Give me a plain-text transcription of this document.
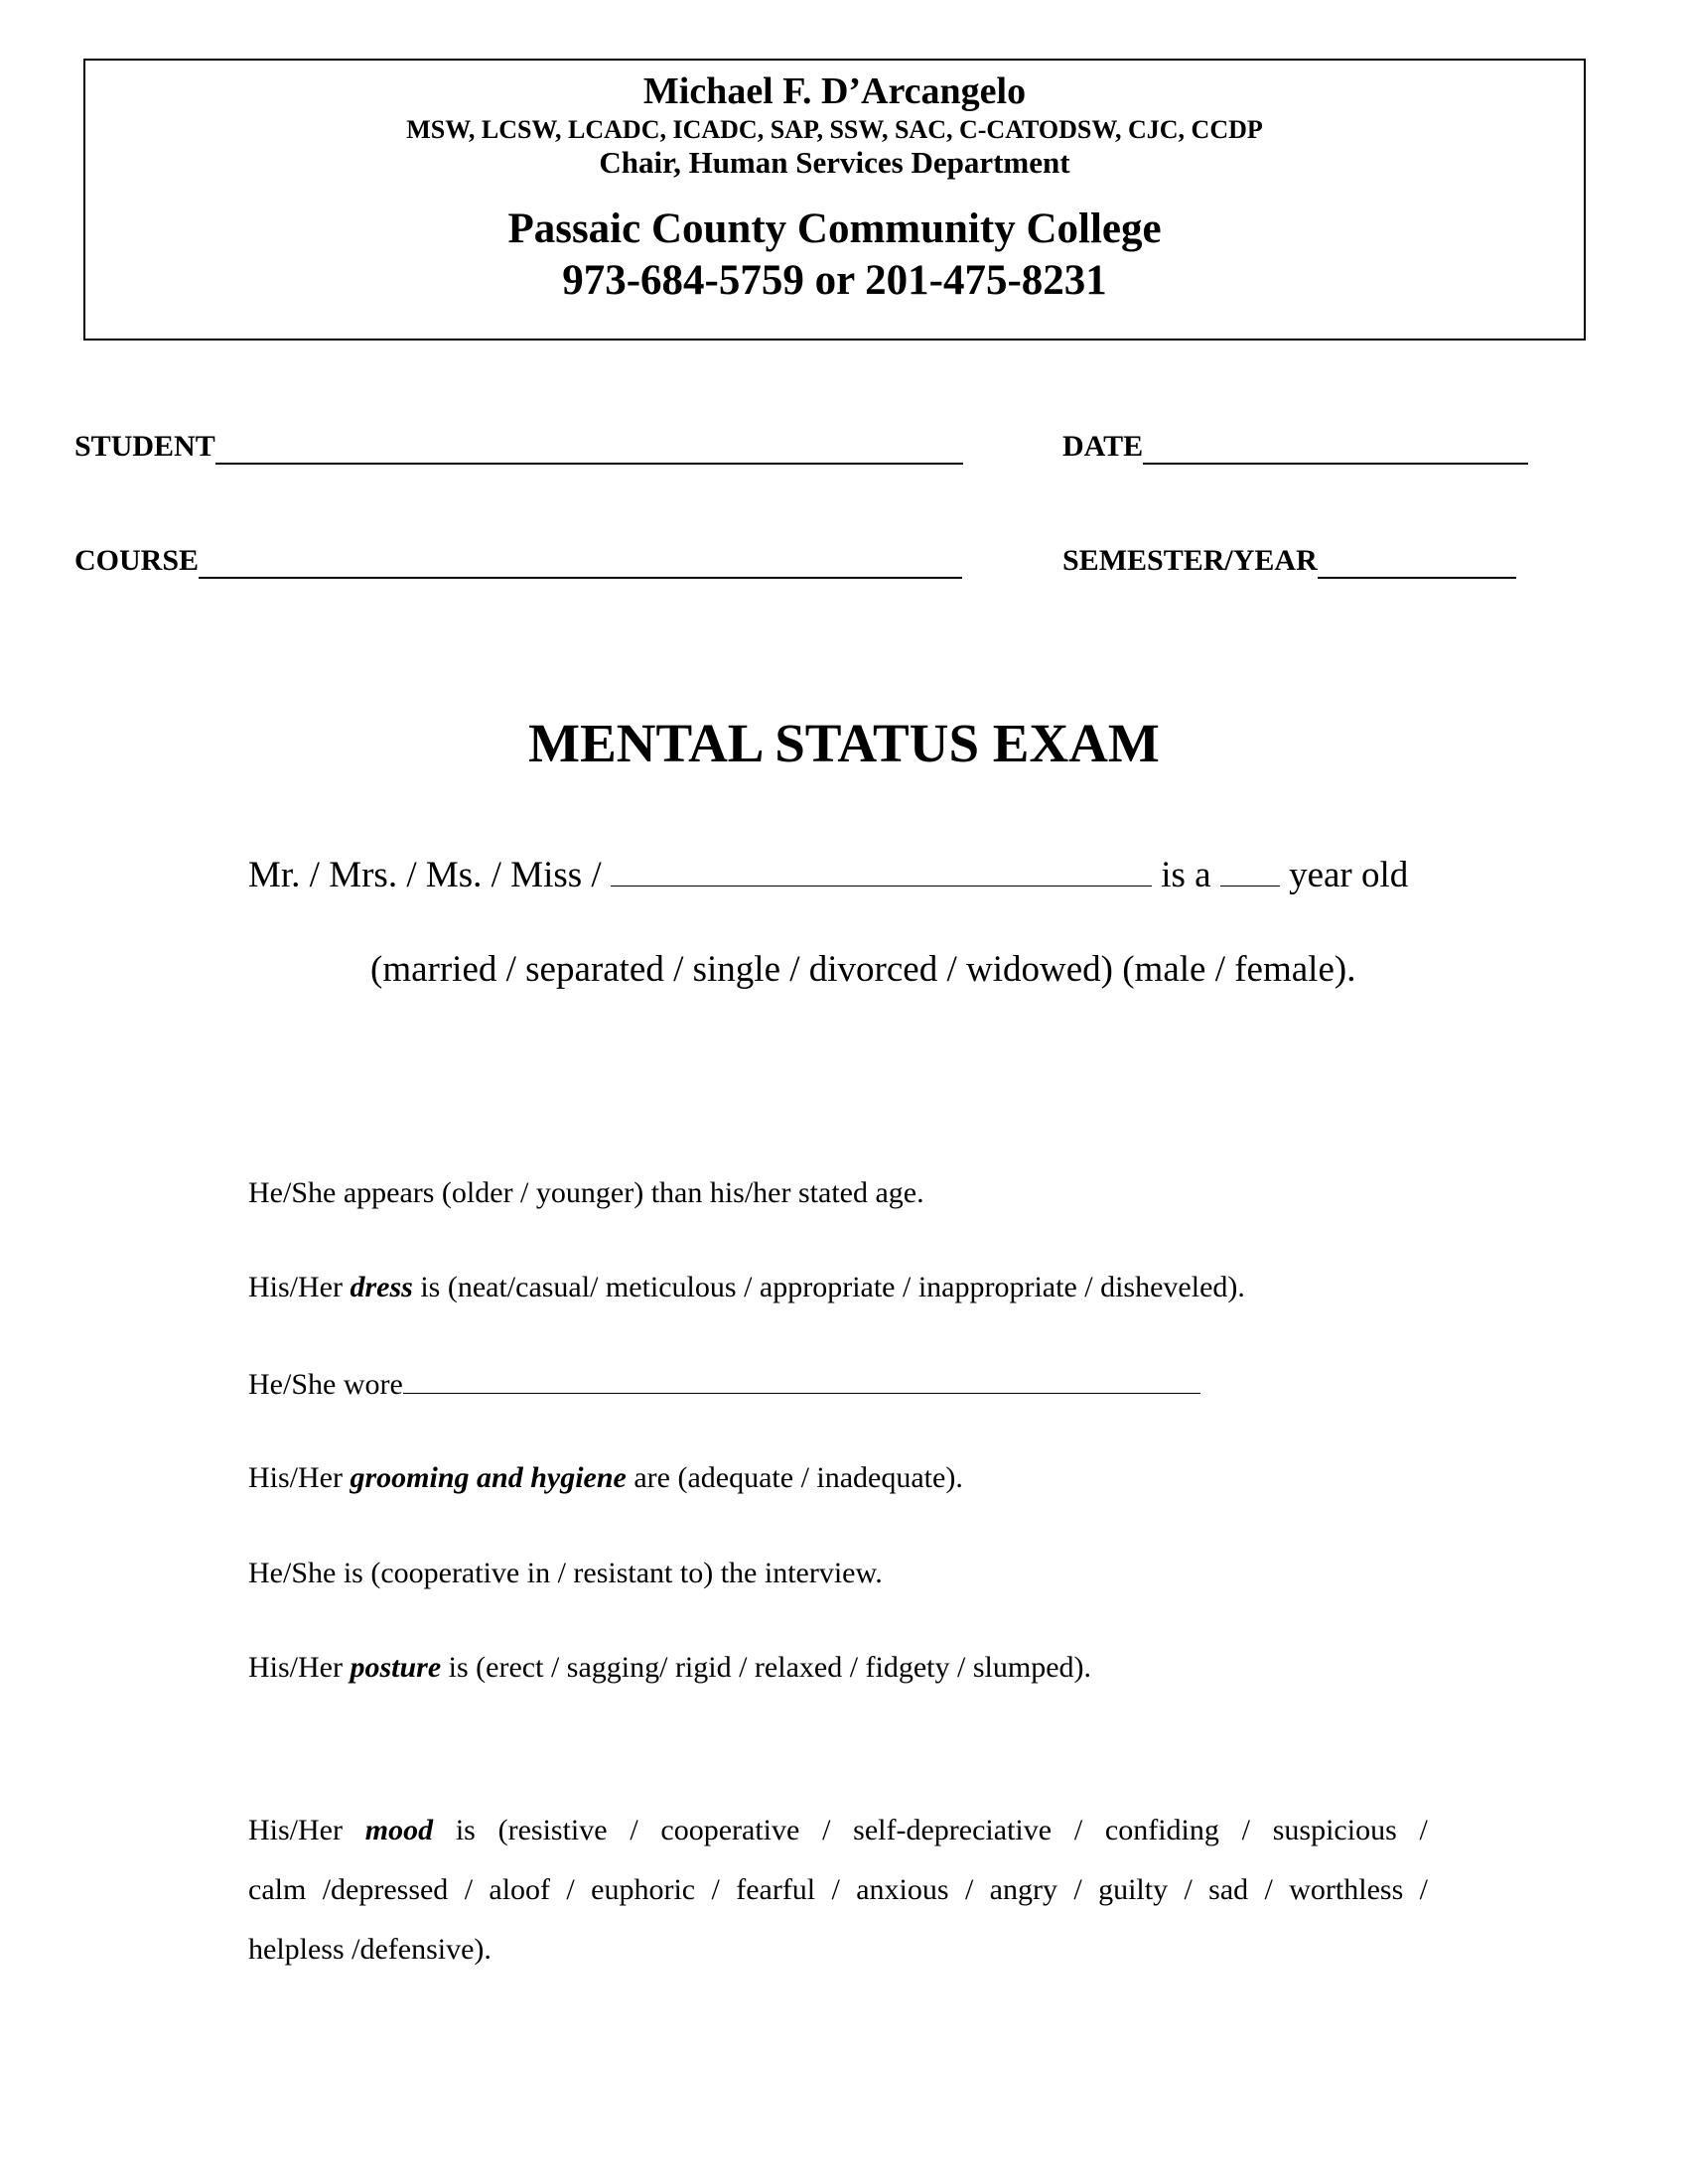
Michael F. D’Arcangelo
MSW, LCSW, LCADC, ICADC, SAP, SSW, SAC, C-CATODSW, CJC, CCDP
Chair, Human Services Department
Passaic County Community College
973-684-5759 or 201-475-8231
STUDENT	DATE
COURSE	SEMESTER/YEAR
MENTAL STATUS EXAM
Mr. / Mrs. / Ms. / Miss /	is a year old
(married / separated / single / divorced / widowed) (male / female).
He/She appears (older / younger) than his/her stated age.
His/Her dress is (neat/casual/ meticulous / appropriate / inappropriate / disheveled).
He/She wore
His/Her grooming and hygiene are (adequate / inadequate).
He/She is (cooperative in / resistant to) the interview.
His/Her posture is (erect / sagging/ rigid / relaxed / fidgety / slumped).
His/Her mood is (resistive / cooperative / self-depreciative / confiding / suspicious /
calm /depressed / aloof / euphoric / fearful / anxious / angry / guilty / sad / worthless /
helpless /defensive).
